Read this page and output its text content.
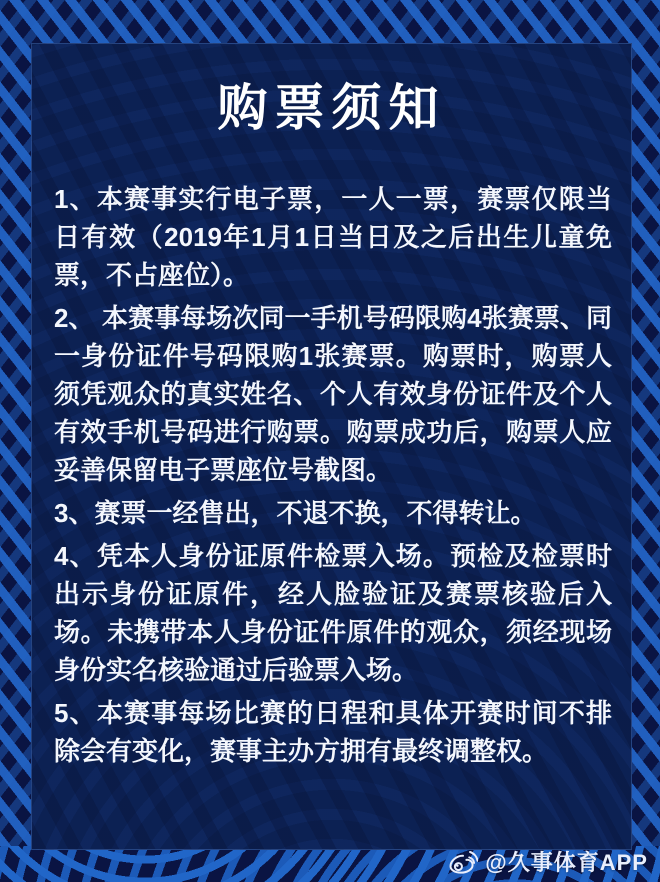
购票须知

1、本赛事实行电子票，一人一票，赛票仅限当日有效（2019年1月1日当日及之后出生儿童免票，不占座位）。

2、 本赛事每场次同一手机号码限购4张赛票、同一身份证件号码限购1张赛票。购票时，购票人须凭观众的真实姓名、个人有效身份证件及个人有效手机号码进行购票。购票成功后，购票人应妥善保留电子票座位号截图。

3、赛票一经售出，不退不换，不得转让。

4、凭本人身份证原件检票入场。预检及检票时出示身份证原件，经人脸验证及赛票核验后入场。未携带本人身份证件原件的观众，须经现场身份实名核验通过后验票入场。

5、本赛事每场比赛的日程和具体开赛时间不排除会有变化，赛事主办方拥有最终调整权。

@久事体育APP
